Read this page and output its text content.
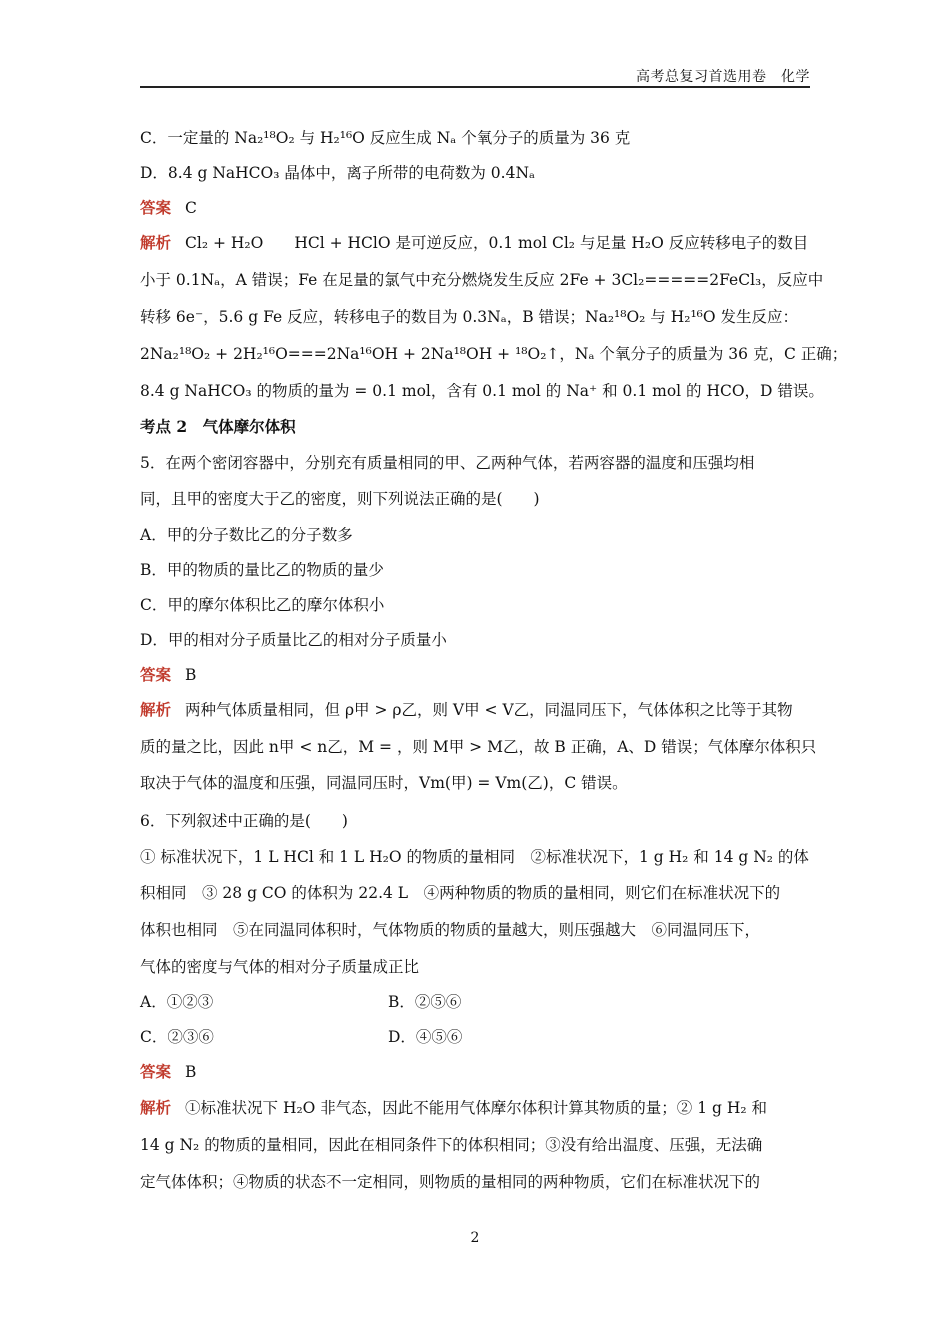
高考总复习首选用卷　化学
C．一定量的 Na₂¹⁸O₂ 与 H₂¹⁶O 反应生成 Nₐ 个氧分子的质量为 36 克
D．8.4 g NaHCO₃ 晶体中，离子所带的电荷数为 0.4Nₐ
答案 C
解析 Cl₂ + H₂O　　HCl + HClO 是可逆反应，0.1 mol Cl₂ 与足量 H₂O 反应转移电子的数目
小于 0.1Nₐ，A 错误；Fe 在足量的氯气中充分燃烧发生反应 2Fe + 3Cl₂=====2FeCl₃，反应中
转移 6e⁻，5.6 g Fe 反应，转移电子的数目为 0.3Nₐ，B 错误；Na₂¹⁸O₂ 与 H₂¹⁶O 发生反应：
2Na₂¹⁸O₂ + 2H₂¹⁶O===2Na¹⁶OH + 2Na¹⁸OH + ¹⁸O₂↑，Nₐ 个氧分子的质量为 36 克，C 正确；
8.4 g NaHCO₃ 的物质的量为 = 0.1 mol，含有 0.1 mol 的 Na⁺ 和 0.1 mol 的 HCO，D 错误。
考点 2　气体摩尔体积
5．在两个密闭容器中，分别充有质量相同的甲、乙两种气体，若两容器的温度和压强均相
同，且甲的密度大于乙的密度，则下列说法正确的是(　　)
A．甲的分子数比乙的分子数多
B．甲的物质的量比乙的物质的量少
C．甲的摩尔体积比乙的摩尔体积小
D．甲的相对分子质量比乙的相对分子质量小
答案 B
解析 两种气体质量相同，但 ρ甲 > ρ乙，则 V甲 < V乙，同温同压下，气体体积之比等于其物
质的量之比，因此 n甲 < n乙，M = ，则 M甲 > M乙，故 B 正确，A、D 错误；气体摩尔体积只
取决于气体的温度和压强，同温同压时，Vm(甲) = Vm(乙)，C 错误。
6．下列叙述中正确的是(　　)
① 标准状况下，1 L HCl 和 1 L H₂O 的物质的量相同　②标准状况下，1 g H₂ 和 14 g N₂ 的体
积相同　③ 28 g CO 的体积为 22.4 L　④两种物质的物质的量相同，则它们在标准状况下的
体积也相同　⑤在同温同体积时，气体物质的物质的量越大，则压强越大　⑥同温同压下，
气体的密度与气体的相对分子质量成正比
A．①②③	B．②⑤⑥
C．②③⑥	D．④⑤⑥
答案 B
解析 ①标准状况下 H₂O 非气态，因此不能用气体摩尔体积计算其物质的量；② 1 g H₂ 和
14 g N₂ 的物质的量相同，因此在相同条件下的体积相同；③没有给出温度、压强，无法确
定气体体积；④物质的状态不一定相同，则物质的量相同的两种物质，它们在标准状况下的
2
